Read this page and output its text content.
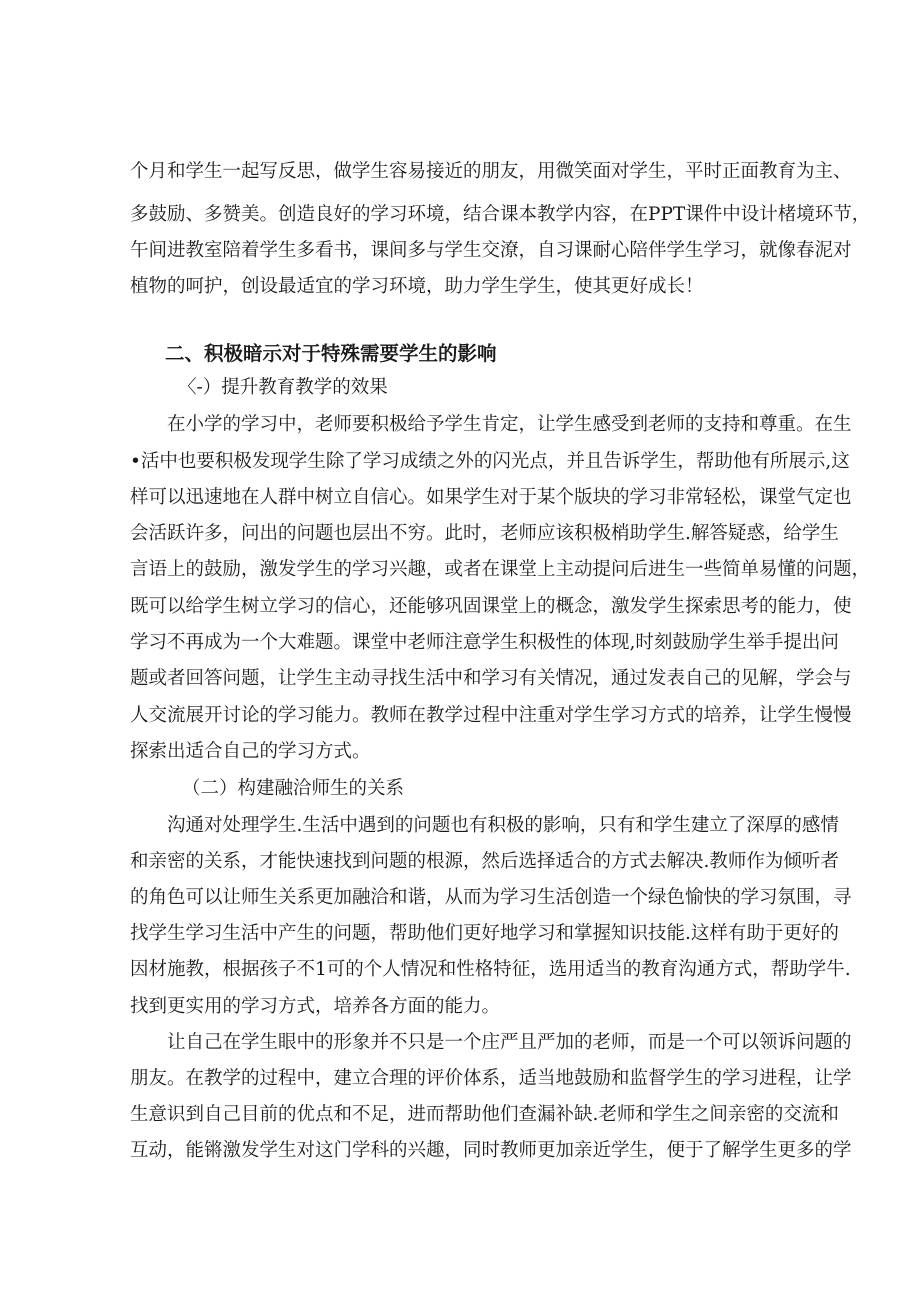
个月和学生一起写反思，做学生容易接近的朋友，用微笑面对学生，平时正面教育为主、
多鼓励、多赞美。创造良好的学习环境，结合课本教学内容，在PPT课件中设计楮境环节，
午间进教室陪着学生多看书，课间多与学生交潦，自习课耐心陪伴学生学习，就像春泥对
植物的呵护，创设最适宜的学习环境，助力学生学生，使其更好成长！
二、积极暗示对于特殊需要学生的影响
〈-）提升教育教学的效果
在小学的学习中，老师要积极给予学生肯定，让学生感受到老师的支持和尊重。在生
•活中也要积极发现学生除了学习成绩之外的闪光点，并且告诉学生，帮助他有所展示,这
样可以迅速地在人群中树立自信心。如果学生对于某个版块的学习非常轻松，课堂气定也
会活跃许多，问出的问题也层出不穷。此时，老师应该积极梢助学生.解答疑惑，给学生
言语上的鼓励，激发学生的学习兴趣，或者在课堂上主动提问后进生一些简单易懂的问题，
既可以给学生树立学习的信心，还能够巩固课堂上的概念，激发学生探索思考的能力，使
学习不再成为一个大难题。课堂中老师注意学生积极性的体现,时刻鼓励学生举手提出问
题或者回答问题，让学生主动寻找生活中和学习有关情况，通过发表自己的见解，学会与
人交流展开讨论的学习能力。教师在教学过程中注重对学生学习方式的培养，让学生慢慢
探索出适合自己的学习方式。
（二）构建融洽师生的关系
沟通对处理学生.生活中遇到的问题也有积极的影响，只有和学生建立了深厚的感情
和亲密的关系，才能快速找到问题的根源，然后选择适合的方式去解决.教师作为倾听者
的角色可以让师生关系更加融洽和谐，从而为学习生活创造一个绿色愉快的学习氛围，寻
找学生学习生活中产生的问题，帮助他们更好地学习和掌握知识技能.这样有助于更好的
因材施教，根据孩子不1可的个人情况和性格特征，选用适当的教育沟通方式，帮助学牛.
找到更实用的学习方式，培养各方面的能力。
让自己在学生眼中的形象并不只是一个庄严且严加的老师，而是一个可以领诉问题的
朋友。在教学的过程中，建立合理的评价体系，适当地鼓励和监督学生的学习进程，让学
生意识到自己目前的优点和不足，进而帮助他们查漏补缺.老师和学生之间亲密的交流和
互动，能锵激发学生对这门学科的兴趣，同时教师更加亲近学生，便于了解学生更多的学
